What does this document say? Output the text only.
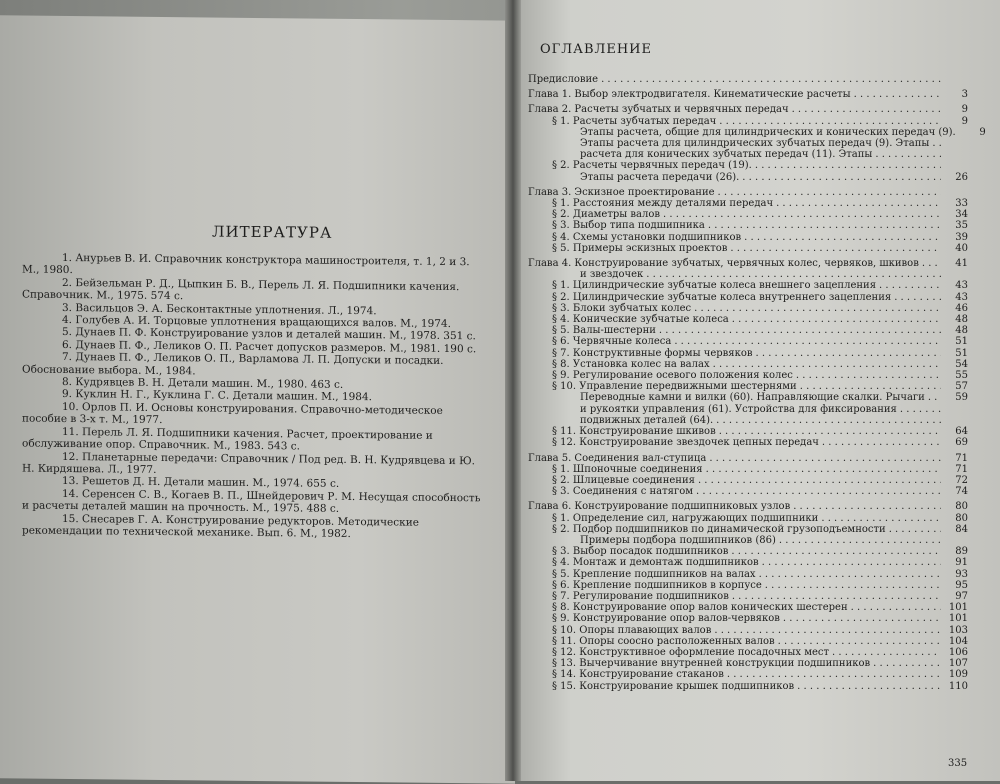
ЛИТЕРАТУРА
1. Анурьев В. И. Справочник конструктора машиностроителя, т. 1, 2 и 3. М., 1980.
2. Бейзельман Р. Д., Цыпкин Б. В., Перель Л. Я. Подшипники качения. Справочник. М., 1975. 574 с.
3. Васильцов Э. А. Бесконтактные уплотнения. Л., 1974.
4. Голубев А. И. Торцовые уплотнения вращающихся валов. М., 1974.
5. Дунаев П. Ф. Конструирование узлов и деталей машин. М., 1978. 351 с.
6. Дунаев П. Ф., Леликов О. П. Расчет допусков размеров. М., 1981. 190 с.
7. Дунаев П. Ф., Леликов О. П., Варламова Л. П. Допуски и посадки. Обоснование выбора. М., 1984.
8. Кудрявцев В. Н. Детали машин. М., 1980. 463 с.
9. Куклин Н. Г., Куклина Г. С. Детали машин. М., 1984.
10. Орлов П. И. Основы конструирования. Справочно-методическое пособие в 3-х т. М., 1977.
11. Перель Л. Я. Подшипники качения. Расчет, проектирование и обслуживание опор. Справочник. М., 1983. 543 с.
12. Планетарные передачи: Справочник / Под ред. В. Н. Кудрявцева и Ю. Н. Кирдяшева. Л., 1977.
13. Решетов Д. Н. Детали машин. М., 1974. 655 с.
14. Серенсен С. В., Когаев В. П., Шнейдерович Р. М. Несущая способность и расчеты деталей машин на прочность. М., 1975. 488 с.
15. Снесарев Г. А. Конструирование редукторов. Методические рекомендации по технической механике. Вып. 6. М., 1982.
ОГЛАВЛЕНИЕ
Предисловие
. . .
Глава 1. Выбор электродвигателя. Кинематические расчеты . . .	3
Глава 2. Расчеты зубчатых и червячных передач . . .	9
§ 1. Расчеты зубчатых передач . . .	9
Этапы расчета, общие для цилиндрических и конических передач (9).	9
Этапы расчета для цилиндрических зубчатых передач (9). Этапы
. . .
расчета для конических зубчатых передач (11). Этапы
. . .
§ 2. Расчеты червячных передач (19).
. . .
Этапы расчета передачи (26). . . .	26
Глава 3. Эскизное проектирование
. . .
§ 1. Расстояния между деталями передач . . .	33
§ 2. Диаметры валов . . .	34
§ 3. Выбор типа подшипника . . .	35
§ 4. Схемы установки подшипников . . .	39
§ 5. Примеры эскизных проектов . . .	40
Глава 4. Конструирование зубчатых, червячных колес, червяков, шкивов . . .	41
и звездочек
. . .
§ 1. Цилиндрические зубчатые колеса внешнего зацепления . . .	43
§ 2. Цилиндрические зубчатые колеса внутреннего зацепления . . .	43
§ 3. Блоки зубчатых колес . . .	46
§ 4. Конические зубчатые колеса . . .	48
§ 5. Валы-шестерни . . .	48
§ 6. Червячные колеса . . .	51
§ 7. Конструктивные формы червяков . . .	51
§ 8. Установка колес на валах . . .	54
§ 9. Регулирование осевого положения колес . . .	55
§ 10. Управление передвижными шестернями . . .	57
Переводные камни и вилки (60). Направляющие скалки. Рычаги . . .	59
и рукоятки управления (61). Устройства для фиксирования
. . .
подвижных деталей (64).
. . .
§ 11. Конструирование шкивов . . .	64
§ 12. Конструирование звездочек цепных передач . . .	69
Глава 5. Соединения вал-ступица . . .	71
§ 1. Шпоночные соединения . . .	71
§ 2. Шлицевые соединения . . .	72
§ 3. Соединения с натягом . . .	74
Глава 6. Конструирование подшипниковых узлов . . .	80
§ 1. Определение сил, нагружающих подшипники . . .	80
§ 2. Подбор подшипников по динамической грузоподъемности . . .	84
Примеры подбора подшипников (86)
. . .
§ 3. Выбор посадок подшипников . . .	89
§ 4. Монтаж и демонтаж подшипников . . .	91
§ 5. Крепление подшипников на валах . . .	93
§ 6. Крепление подшипников в корпусе . . .	95
§ 7. Регулирование подшипников . . .	97
§ 8. Конструирование опор валов конических шестерен . . .	101
§ 9. Конструирование опор валов-червяков . . .	101
§ 10. Опоры плавающих валов . . .	103
§ 11. Опоры соосно расположенных валов . . .	104
§ 12. Конструктивное оформление посадочных мест . . .	106
§ 13. Вычерчивание внутренней конструкции подшипников . . .	107
§ 14. Конструирование стаканов . . .	109
§ 15. Конструирование крышек подшипников . . .	110
335
